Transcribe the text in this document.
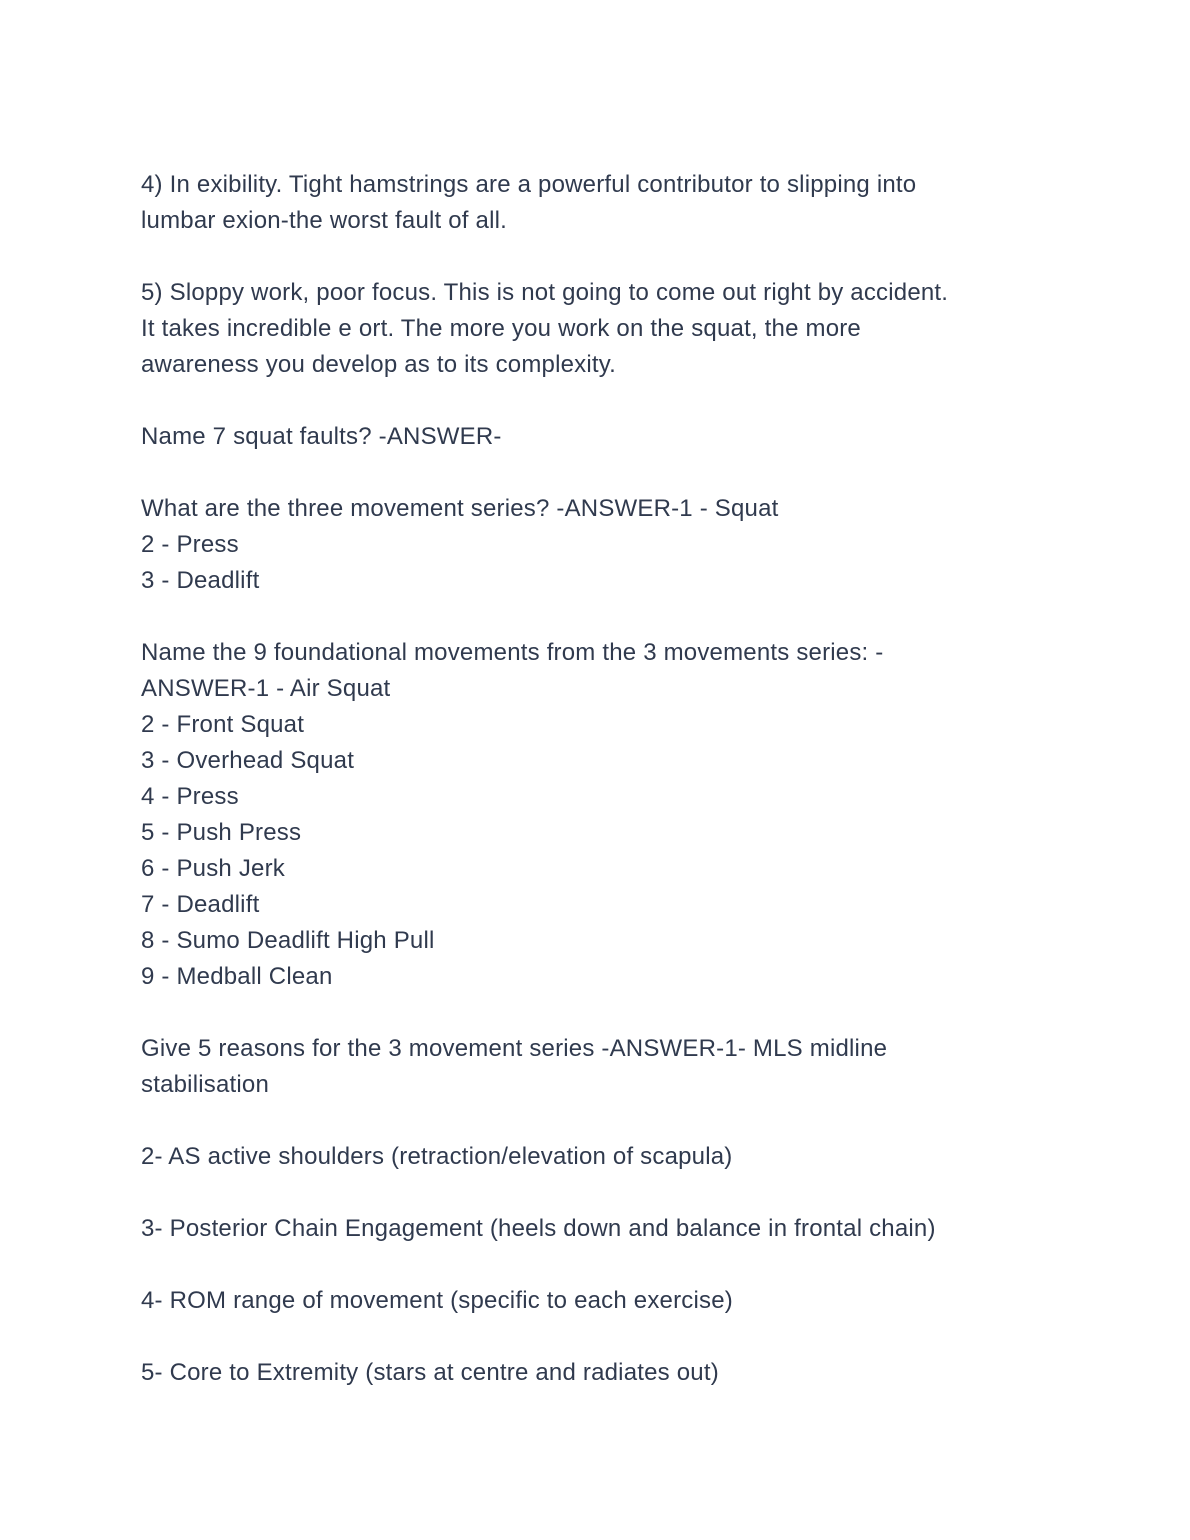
4) In exibility. Tight hamstrings are a powerful contributor to slipping into
lumbar exion-the worst fault of all.

5) Sloppy work, poor focus. This is not going to come out right by accident.
It takes incredible e ort. The more you work on the squat, the more
awareness you develop as to its complexity.

Name 7 squat faults? -ANSWER-

What are the three movement series? -ANSWER-1 - Squat
2 - Press
3 - Deadlift

Name the 9 foundational movements from the 3 movements series: -
ANSWER-1 - Air Squat
2 - Front Squat
3 - Overhead Squat
4 - Press
5 - Push Press
6 - Push Jerk
7 - Deadlift
8 - Sumo Deadlift High Pull
9 - Medball Clean

Give 5 reasons for the 3 movement series -ANSWER-1- MLS midline
stabilisation

2- AS active shoulders (retraction/elevation of scapula)

3- Posterior Chain Engagement (heels down and balance in frontal chain)

4- ROM range of movement (specific to each exercise)

5- Core to Extremity (stars at centre and radiates out)
